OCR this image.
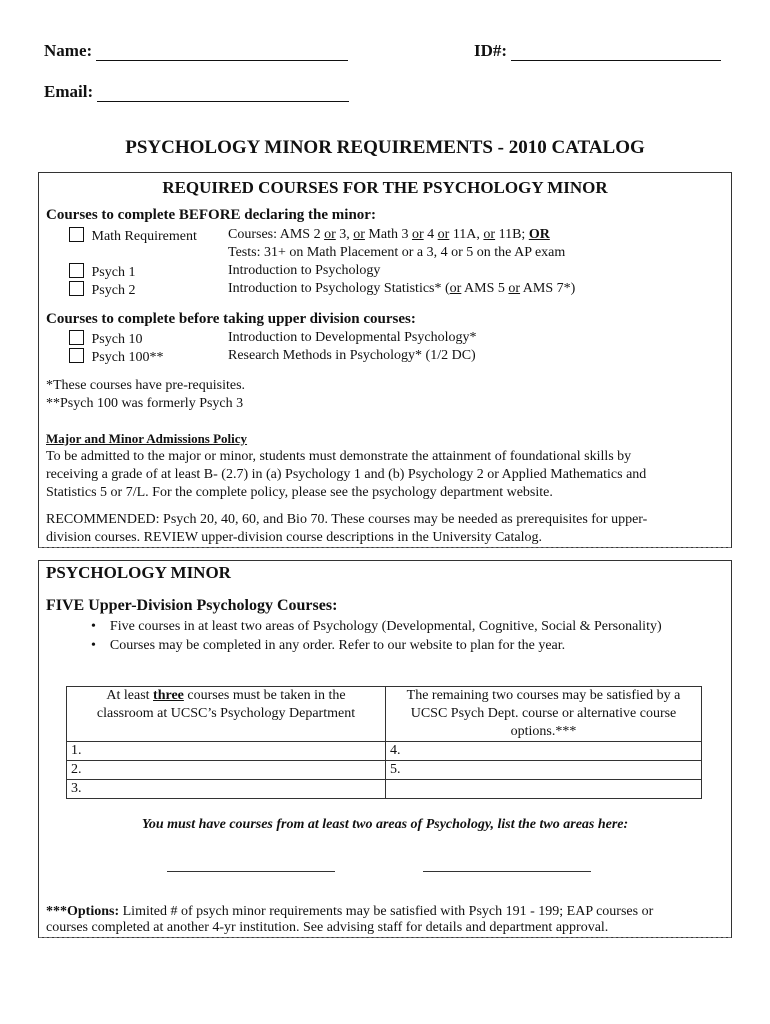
Name:	ID#:
Email:
PSYCHOLOGY MINOR REQUIREMENTS - 2010 CATALOG
REQUIRED COURSES FOR THE PSYCHOLOGY MINOR
Courses to complete BEFORE declaring the minor:
Math Requirement Courses: AMS 2 or 3, or Math 3 or 4 or 11A, or 11B; OR
Tests: 31+ on Math Placement or a 3, 4 or 5 on the AP exam
Psych 1	Introduction to Psychology
Psych 2	Introduction to Psychology Statistics* (or AMS 5 or AMS 7*)
Courses to complete before taking upper division courses:
Psych 10	Introduction to Developmental Psychology*
Psych 100**	Research Methods in Psychology* (1/2 DC)
*These courses have pre-requisites.
**Psych 100 was formerly Psych 3
Major and Minor Admissions Policy
To be admitted to the major or minor, students must demonstrate the attainment of foundational skills by
receiving a grade of at least B- (2.7) in (a) Psychology 1 and (b) Psychology 2 or Applied Mathematics and
Statistics 5 or 7/L. For the complete policy, please see the psychology department website.
RECOMMENDED: Psych 20, 40, 60, and Bio 70. These courses may be needed as prerequisites for upper-
division courses. REVIEW upper-division course descriptions in the University Catalog.
PSYCHOLOGY MINOR
FIVE Upper-Division Psychology Courses:
•    Five courses in at least two areas of Psychology (Developmental, Cognitive, Social & Personality)
•    Courses may be completed in any order. Refer to our website to plan for the year.
You must have courses from at least two areas of Psychology, list the two areas here:
***Options: Limited # of psych minor requirements may be satisfied with Psych 191 - 199; EAP courses or
courses completed at another 4-yr institution. See advising staff for details and department approval.
At least three courses must be taken in the
classroom at UCSC’s Psychology Department	The remaining two courses may be satisfied by a UCSC Psych Dept. course or alternative course options.***
1.	4.
2.	5.
3.	
